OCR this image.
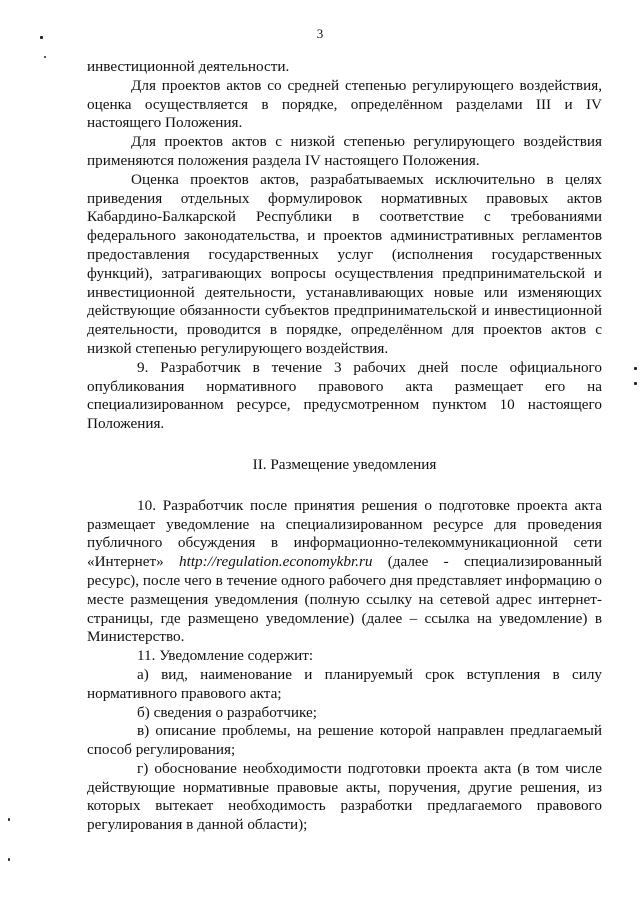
3

инвестиционной деятельности.

Для проектов актов со средней степенью регулирующего воздействия, оценка осуществляется в порядке, определённом разделами III и IV настоящего Положения.

Для проектов актов с низкой степенью регулирующего воздействия применяются положения раздела IV настоящего Положения.

Оценка проектов актов, разрабатываемых исключительно в целях приведения отдельных формулировок нормативных правовых актов Кабардино-Балкарской Республики в соответствие с требованиями федерального законодательства, и проектов административных регламентов предоставления государственных услуг (исполнения государственных функций), затрагивающих вопросы осуществления предпринимательской и инвестиционной деятельности, устанавливающих новые или изменяющих действующие обязанности субъектов предпринимательской и инвестиционной деятельности, проводится в порядке, определённом для проектов актов с низкой степенью регулирующего воздействия.

9. Разработчик в течение 3 рабочих дней после официального опубликования нормативного правового акта размещает его на специализированном ресурсе, предусмотренном пунктом 10 настоящего Положения.

II. Размещение уведомления

10. Разработчик после принятия решения о подготовке проекта акта размещает уведомление на специализированном ресурсе для проведения публичного обсуждения в информационно-телекоммуникационной сети «Интернет» http://regulation.economykbr.ru (далее - специализированный ресурс), после чего в течение одного рабочего дня представляет информацию о месте размещения уведомления (полную ссылку на сетевой адрес интернет-страницы, где размещено уведомление) (далее – ссылка на уведомление) в Министерство.

11. Уведомление содержит:

а) вид, наименование и планируемый срок вступления в силу нормативного правового акта;

б) сведения о разработчике;

в) описание проблемы, на решение которой направлен предлагаемый способ регулирования;

г) обоснование необходимости подготовки проекта акта (в том числе действующие нормативные правовые акты, поручения, другие решения, из которых вытекает необходимость разработки предлагаемого правового регулирования в данной области);
